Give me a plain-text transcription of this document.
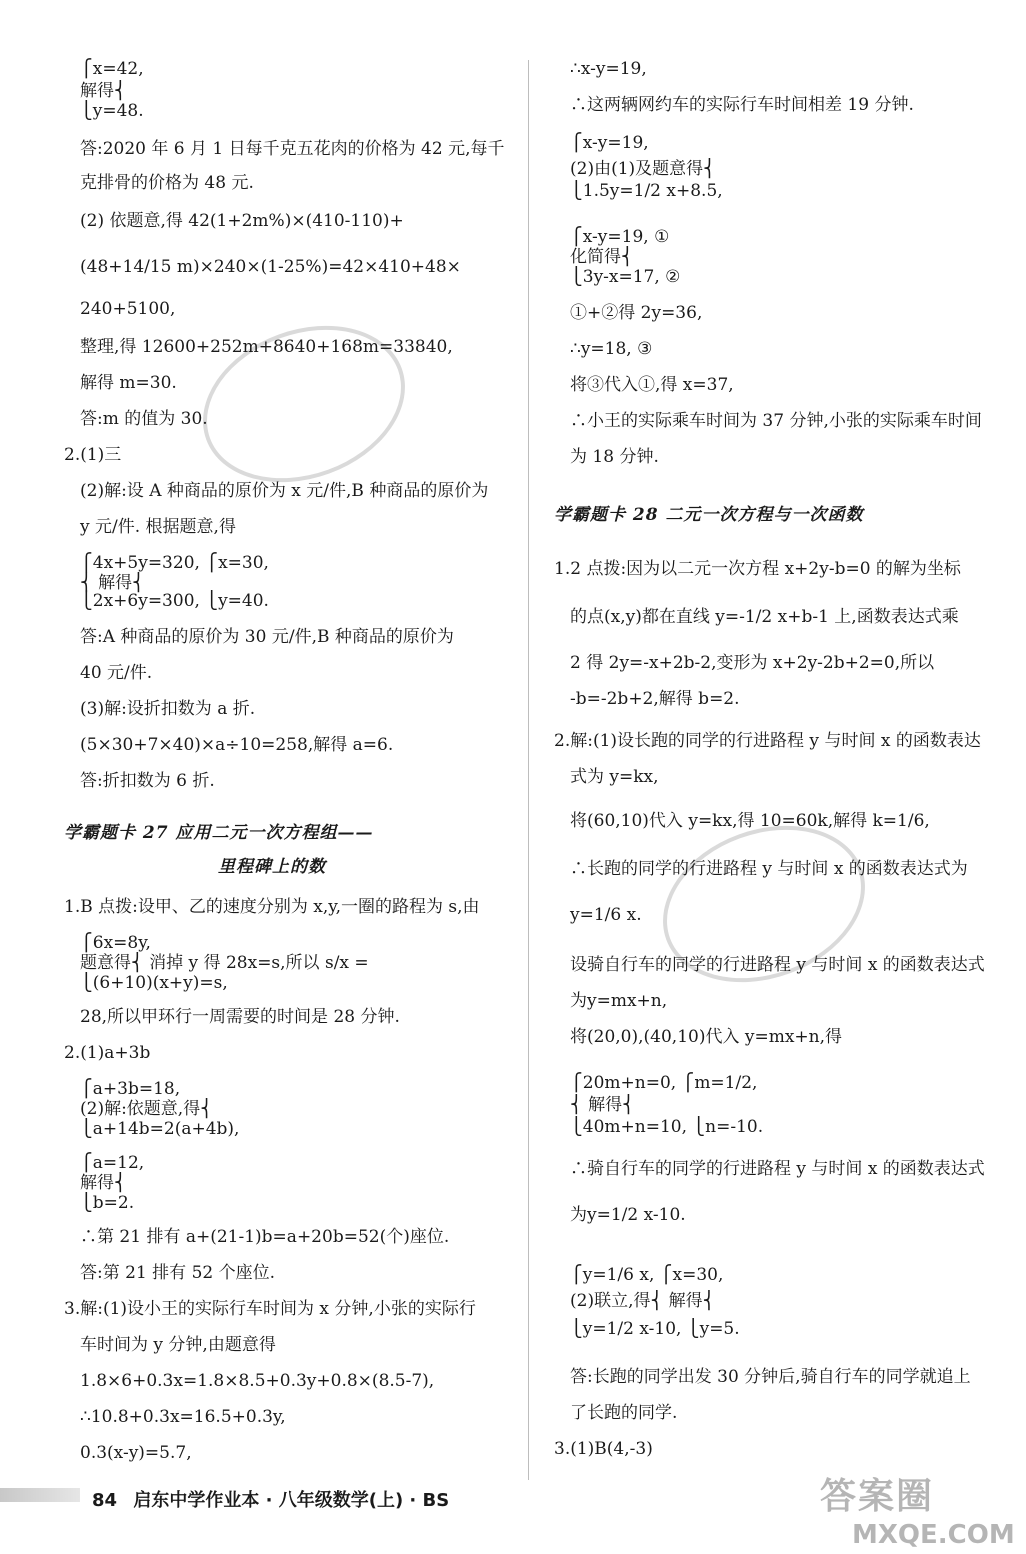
84 启东中学作业本 · 八年级数学(上) · BS	答案圈
MXQE.COM
⎧x=42,
解得⎨
⎩y=48.
答:2020 年 6 月 1 日每千克五花肉的价格为 42 元,每千
克排骨的价格为 48 元.
(2) 依题意,得 42(1+2m%)×(410-110)+
(48+14/15 m)×240×(1-25%)=42×410+48×
240+5100,
整理,得 12600+252m+8640+168m=33840,
解得 m=30.
答:m 的值为 30.
2.(1)三
(2)解:设 A 种商品的原价为 x 元/件,B 种商品的原价为
y 元/件. 根据题意,得
⎧4x+5y=320, ⎧x=30,
⎨ 解得⎨
⎩2x+6y=300, ⎩y=40.
答:A 种商品的原价为 30 元/件,B 种商品的原价为
40 元/件.
(3)解:设折扣数为 a 折.
(5×30+7×40)×a÷10=258,解得 a=6.
答:折扣数为 6 折.
学霸题卡 27 应用二元一次方程组——
里程碑上的数
1.B 点拨:设甲、乙的速度分别为 x,y,一圈的路程为 s,由
⎧6x=8y,
题意得⎨ 消掉 y 得 28x=s,所以 s/x =
⎩(6+10)(x+y)=s,
28,所以甲环行一周需要的时间是 28 分钟.
2.(1)a+3b
⎧a+3b=18,
(2)解:依题意,得⎨
⎩a+14b=2(a+4b),
⎧a=12,
解得⎨
⎩b=2.
∴第 21 排有 a+(21-1)b=a+20b=52(个)座位.
答:第 21 排有 52 个座位.
3.解:(1)设小王的实际行车时间为 x 分钟,小张的实际行
车时间为 y 分钟,由题意得
1.8×6+0.3x=1.8×8.5+0.3y+0.8×(8.5-7),
∴10.8+0.3x=16.5+0.3y,
0.3(x-y)=5.7,
∴x-y=19,
∴这两辆网约车的实际行车时间相差 19 分钟.
⎧x-y=19,
(2)由(1)及题意得⎨
⎩1.5y=1/2 x+8.5,
⎧x-y=19, ①
化简得⎨
⎩3y-x=17, ②
①+②得 2y=36,
∴y=18, ③
将③代入①,得 x=37,
∴小王的实际乘车时间为 37 分钟,小张的实际乘车时间
为 18 分钟.
学霸题卡 28 二元一次方程与一次函数
1.2 点拨:因为以二元一次方程 x+2y-b=0 的解为坐标
的点(x,y)都在直线 y=-1/2 x+b-1 上,函数表达式乘
2 得 2y=-x+2b-2,变形为 x+2y-2b+2=0,所以
-b=-2b+2,解得 b=2.
2.解:(1)设长跑的同学的行进路程 y 与时间 x 的函数表达
式为 y=kx,
将(60,10)代入 y=kx,得 10=60k,解得 k=1/6,
∴长跑的同学的行进路程 y 与时间 x 的函数表达式为
y=1/6 x.
设骑自行车的同学的行进路程 y 与时间 x 的函数表达式
为y=mx+n,
将(20,0),(40,10)代入 y=mx+n,得
⎧20m+n=0, ⎧m=1/2,
⎨ 解得⎨
⎩40m+n=10, ⎩n=-10.
∴骑自行车的同学的行进路程 y 与时间 x 的函数表达式
为y=1/2 x-10.
⎧y=1/6 x, ⎧x=30,
(2)联立,得⎨ 解得⎨
⎩y=1/2 x-10, ⎩y=5.
答:长跑的同学出发 30 分钟后,骑自行车的同学就追上
了长跑的同学.
3.(1)B(4,-3)
